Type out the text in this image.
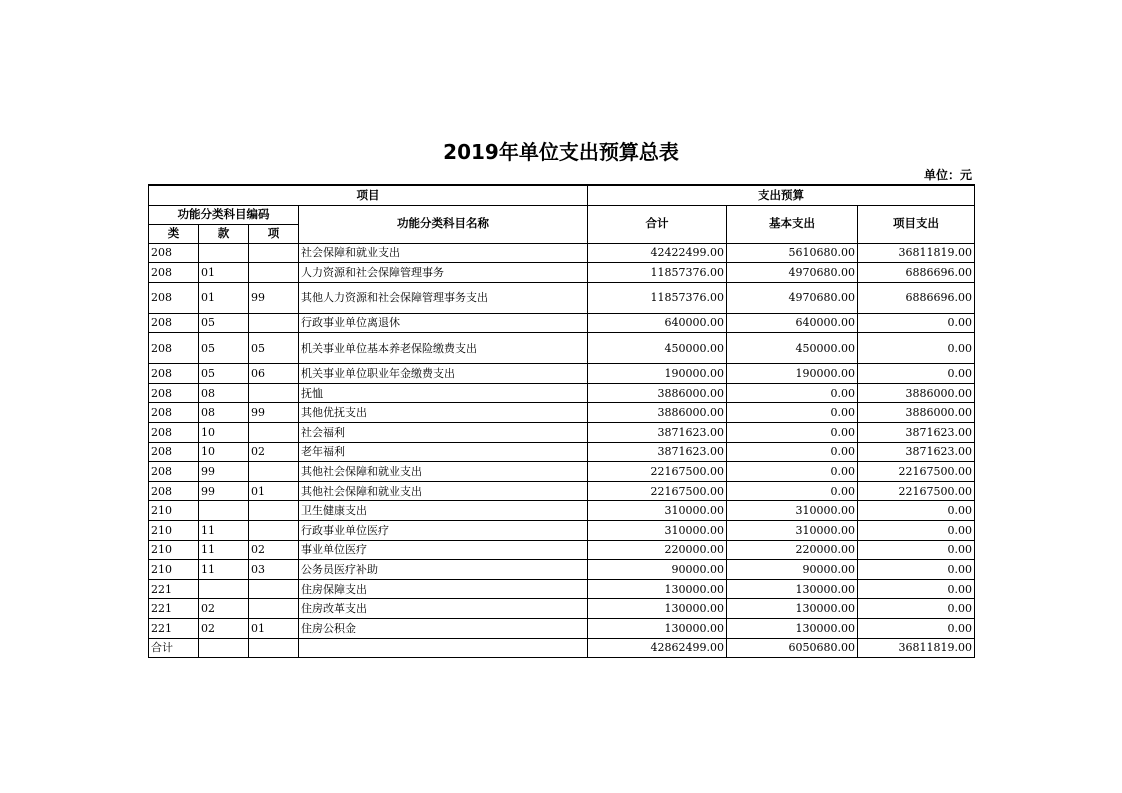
2019年单位支出预算总表
单位：元
项目				支出预算		
功能分类科目编码			功能分类科目名称	合计	基本支出	项目支出
类	款	项				
208			社会保障和就业支出	42422499.00	5610680.00	36811819.00
208	01		人力资源和社会保障管理事务	11857376.00	4970680.00	6886696.00
208	01	99	其他人力资源和社会保障管理事务支出	11857376.00	4970680.00	6886696.00
208	05		行政事业单位离退休	640000.00	640000.00	0.00
208	05	05	机关事业单位基本养老保险缴费支出	450000.00	450000.00	0.00
208	05	06	机关事业单位职业年金缴费支出	190000.00	190000.00	0.00
208	08		抚恤	3886000.00	0.00	3886000.00
208	08	99	其他优抚支出	3886000.00	0.00	3886000.00
208	10		社会福利	3871623.00	0.00	3871623.00
208	10	02	老年福利	3871623.00	0.00	3871623.00
208	99		其他社会保障和就业支出	22167500.00	0.00	22167500.00
208	99	01	其他社会保障和就业支出	22167500.00	0.00	22167500.00
210			卫生健康支出	310000.00	310000.00	0.00
210	11		行政事业单位医疗	310000.00	310000.00	0.00
210	11	02	事业单位医疗	220000.00	220000.00	0.00
210	11	03	公务员医疗补助	90000.00	90000.00	0.00
221			住房保障支出	130000.00	130000.00	0.00
221	02		住房改革支出	130000.00	130000.00	0.00
221	02	01	住房公积金	130000.00	130000.00	0.00
合计				42862499.00	6050680.00	36811819.00
